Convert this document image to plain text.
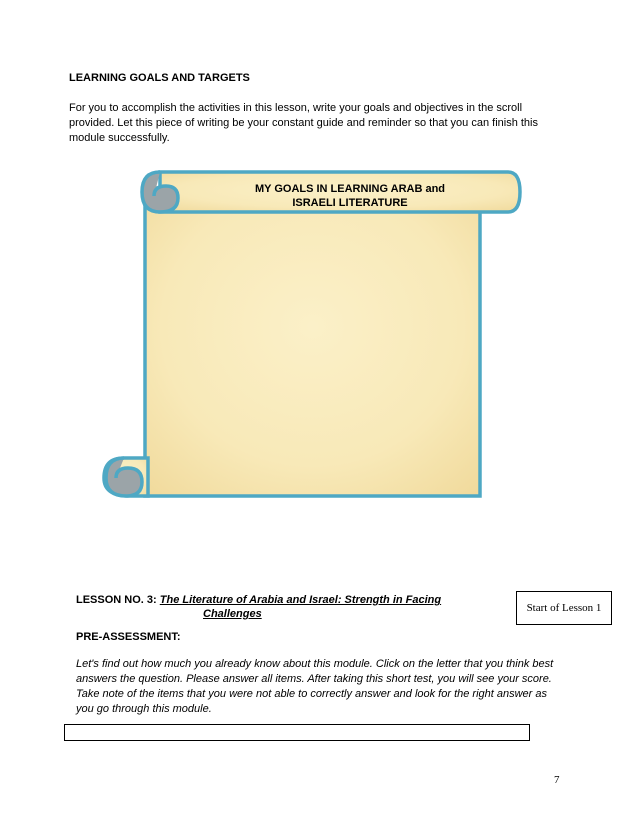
LEARNING GOALS AND TARGETS
For you to accomplish the activities in this lesson, write your goals and objectives in the scroll provided. Let this piece of writing be your constant guide and reminder so that you can finish this module successfully.
MY GOALS IN LEARNING ARAB and
ISRAELI LITERATURE
LESSON NO. 3: The Literature of Arabia and Israel: Strength in Facing
Challenges	Start of Lesson 1
PRE-ASSESSMENT:
Let's find out how much you already know about this module. Click on the letter that you think best answers the question. Please answer all items. After taking this short test, you will see your score. Take note of the items that you were not able to correctly answer and look for the right answer as you go through this module.
7
